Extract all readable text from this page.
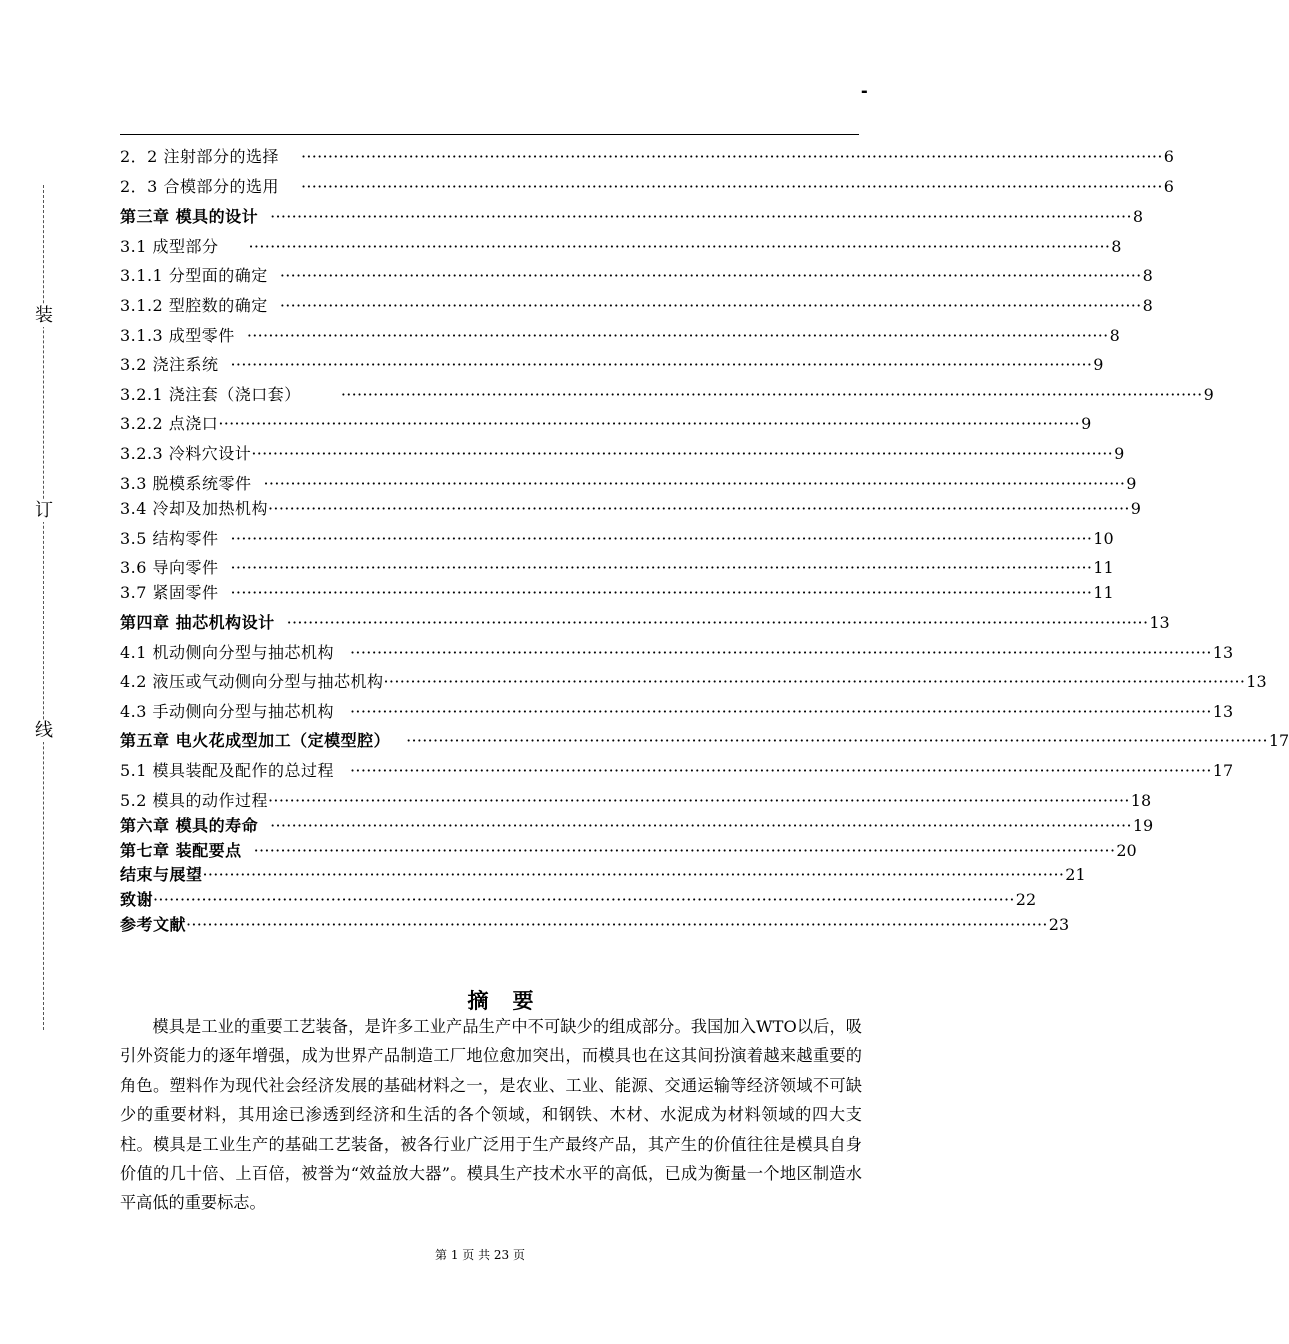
-
装
订
线
2．2 注射部分的选择 ································································································································································ 6
2．3 合模部分的选用 ································································································································································ 6
第三章 模具的设计 ································································································································································ 8
3.1 成型部分 ································································································································································ 8
3.1.1 分型面的确定 ································································································································································ 8
3.1.2 型腔数的确定 ································································································································································ 8
3.1.3 成型零件 ································································································································································ 8
3.2 浇注系统 ································································································································································ 9
3.2.1 浇注套（浇口套）	································································································································································ 9
3.2.2 点浇口 ································································································································································ 9
3.2.3 冷料穴设计 ································································································································································ 9
3.3 脱模系统零件 ································································································································································ 9
3.4 冷却及加热机构 ································································································································································ 9
3.5 结构零件 ································································································································································ 10
3.6 导向零件 ································································································································································ 11
3.7 紧固零件 ································································································································································ 11
第四章 抽芯机构设计 ································································································································································ 13
4.1 机动侧向分型与抽芯机构 ································································································································································ 13
4.2 液压或气动侧向分型与抽芯机构 ································································································································································ 13
4.3 手动侧向分型与抽芯机构 ································································································································································ 13
第五章 电火花成型加工（定模型腔） ································································································································································ 17
5.1 模具装配及配作的总过程 ································································································································································ 17
5.2 模具的动作过程 ································································································································································ 18
第六章 模具的寿命 ································································································································································ 19
第七章 装配要点 ································································································································································ 20
结束与展望 ································································································································································ 21
致谢 ································································································································································ 22
参考文献 ································································································································································ 23
摘要

模具是工业的重要工艺装备，是许多工业产品生产中不可缺少的组成部分。我国加入WTO以后，吸引外资能力的逐年增强，成为世界产品制造工厂地位愈加突出，而模具也在这其间扮演着越来越重要的角色。塑料作为现代社会经济发展的基础材料之一，是农业、工业、能源、交通运输等经济领域不可缺少的重要材料，其用途已渗透到经济和生活的各个领域，和钢铁、木材、水泥成为材料领域的四大支柱。模具是工业生产的基础工艺装备，被各行业广泛用于生产最终产品，其产生的价值往往是模具自身价值的几十倍、上百倍，被誉为“效益放大器”。模具生产技术水平的高低，已成为衡量一个地区制造水平高低的重要标志。

第 1 页 共 23 页
